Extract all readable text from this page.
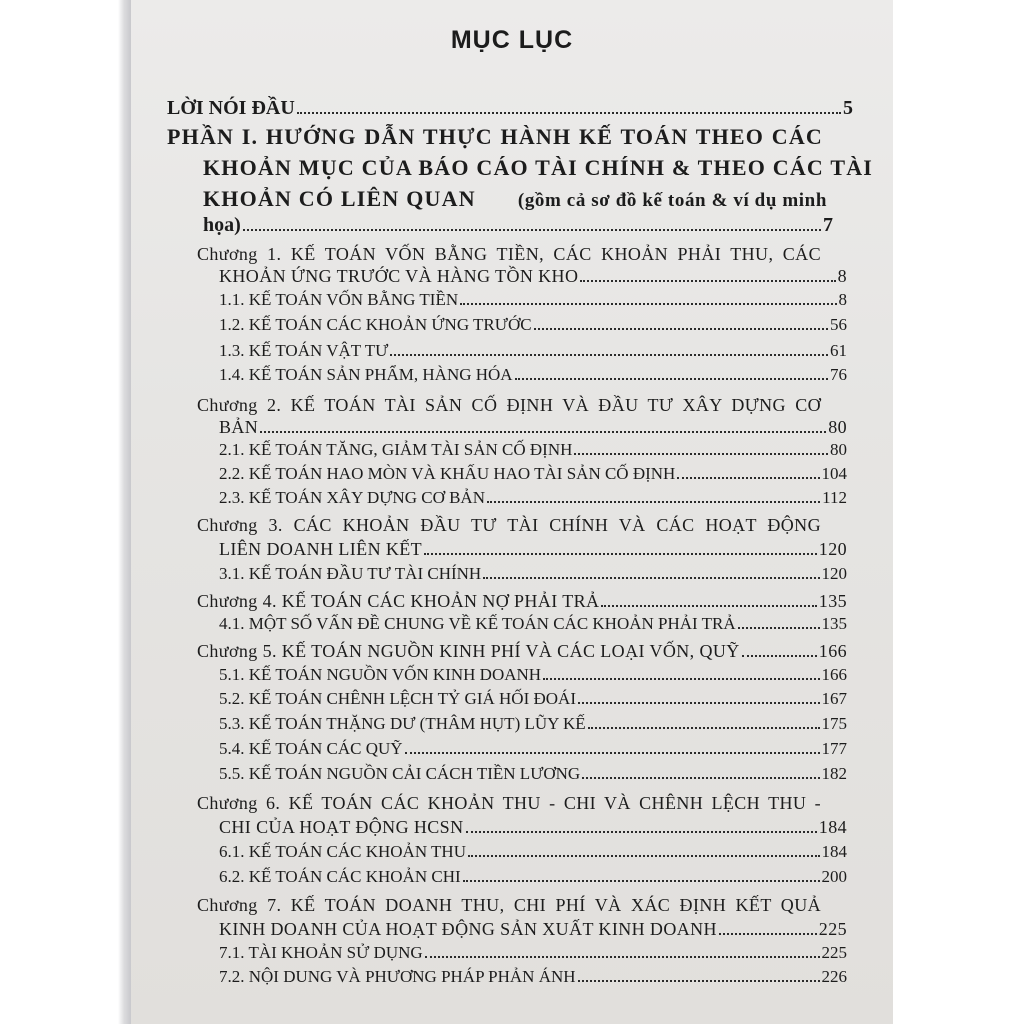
MỤC LỤC
LỜI NÓI ĐẦU	5
PHẦN I. HƯỚNG DẪN THỰC HÀNH KẾ TOÁN THEO CÁC
KHOẢN MỤC CỦA BÁO CÁO TÀI CHÍNH & THEO CÁC TÀI
KHOẢN CÓ LIÊN QUAN (gồm cả sơ đồ kế toán & ví dụ minh
họa)	7
Chương 1. KẾ TOÁN VỐN BẰNG TIỀN, CÁC KHOẢN PHẢI THU, CÁC
KHOẢN ỨNG TRƯỚC VÀ HÀNG TỒN KHO	8
1.1. KẾ TOÁN VỐN BẰNG TIỀN	8
1.2. KẾ TOÁN CÁC KHOẢN ỨNG TRƯỚC	56
1.3. KẾ TOÁN VẬT TƯ	61
1.4. KẾ TOÁN SẢN PHẨM, HÀNG HÓA	76
Chương 2. KẾ TOÁN TÀI SẢN CỐ ĐỊNH VÀ ĐẦU TƯ XÂY DỰNG CƠ
BẢN	80
2.1. KẾ TOÁN TĂNG, GIẢM TÀI SẢN CỐ ĐỊNH	80
2.2. KẾ TOÁN HAO MÒN VÀ KHẤU HAO TÀI SẢN CỐ ĐỊNH	104
2.3. KẾ TOÁN XÂY DỰNG CƠ BẢN	112
Chương 3. CÁC KHOẢN ĐẦU TƯ TÀI CHÍNH VÀ CÁC HOẠT ĐỘNG
LIÊN DOANH LIÊN KẾT	120
3.1. KẾ TOÁN ĐẦU TƯ TÀI CHÍNH	120
Chương 4. KẾ TOÁN CÁC KHOẢN NỢ PHẢI TRẢ	135
4.1. MỘT SỐ VẤN ĐỀ CHUNG VỀ KẾ TOÁN CÁC KHOẢN PHẢI TRẢ	135
Chương 5. KẾ TOÁN NGUỒN KINH PHÍ VÀ CÁC LOẠI VỐN, QUỸ	166
5.1. KẾ TOÁN NGUỒN VỐN KINH DOANH	166
5.2. KẾ TOÁN CHÊNH LỆCH TỶ GIÁ HỐI ĐOÁI	167
5.3. KẾ TOÁN THẶNG DƯ (THÂM HỤT) LŨY KẾ	175
5.4. KẾ TOÁN CÁC QUỸ	177
5.5. KẾ TOÁN NGUỒN CẢI CÁCH TIỀN LƯƠNG	182
Chương 6. KẾ TOÁN CÁC KHOẢN THU - CHI VÀ CHÊNH LỆCH THU -
CHI CỦA HOẠT ĐỘNG HCSN	184
6.1. KẾ TOÁN CÁC KHOẢN THU	184
6.2. KẾ TOÁN CÁC KHOẢN CHI	200
Chương 7. KẾ TOÁN DOANH THU, CHI PHÍ VÀ XÁC ĐỊNH KẾT QUẢ
KINH DOANH CỦA HOẠT ĐỘNG SẢN XUẤT KINH DOANH	225
7.1. TÀI KHOẢN SỬ DỤNG	225
7.2. NỘI DUNG VÀ PHƯƠNG PHÁP PHẢN ÁNH	226
